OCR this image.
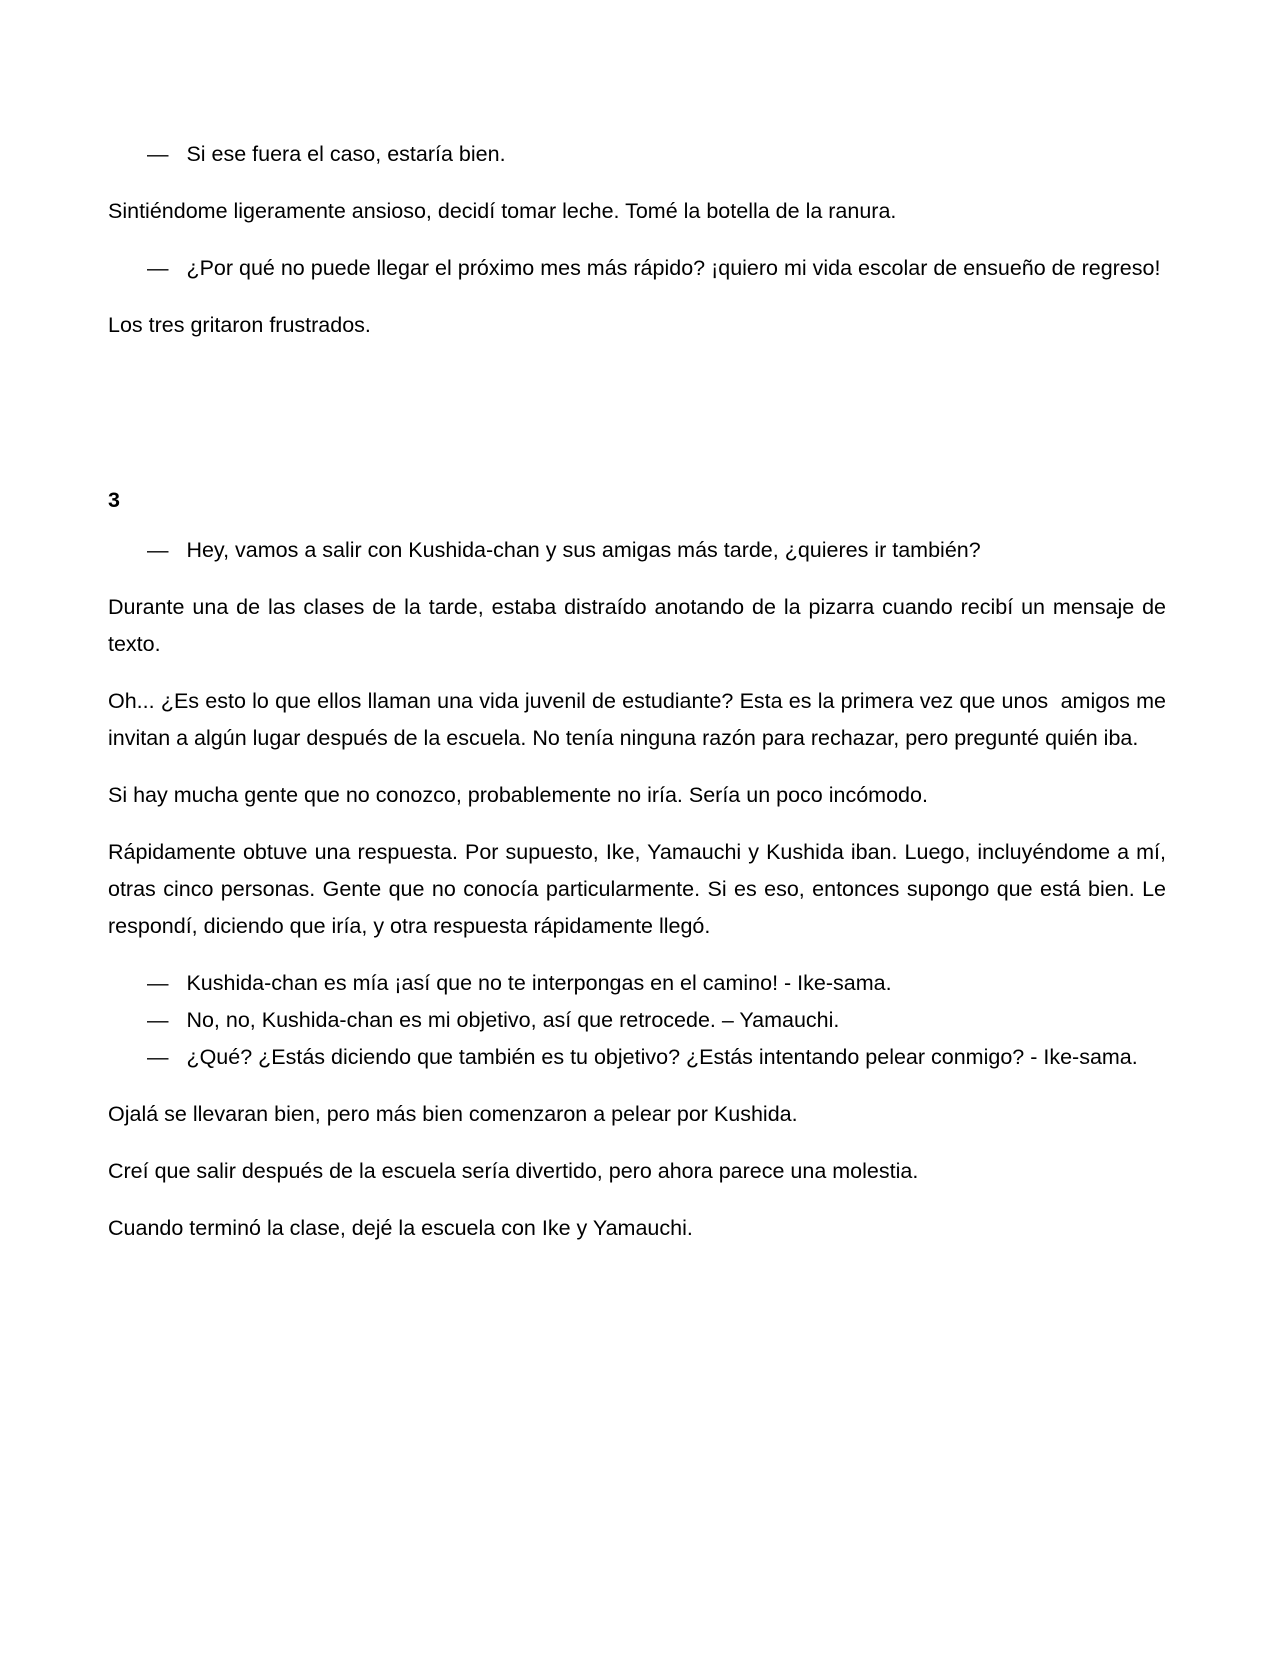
— Si ese fuera el caso, estaría bien.

Sintiéndome ligeramente ansioso, decidí tomar leche. Tomé la botella de la ranura.

— ¿Por qué no puede llegar el próximo mes más rápido? ¡quiero mi vida escolar de ensueño de regreso!

Los tres gritaron frustrados.

3

— Hey, vamos a salir con Kushida-chan y sus amigas más tarde, ¿quieres ir también?

Durante una de las clases de la tarde, estaba distraído anotando de la pizarra cuando recibí un mensaje de texto.

Oh... ¿Es esto lo que ellos llaman una vida juvenil de estudiante? Esta es la primera vez que unos  amigos me invitan a algún lugar después de la escuela. No tenía ninguna razón para rechazar, pero pregunté quién iba.

Si hay mucha gente que no conozco, probablemente no iría. Sería un poco incómodo.

Rápidamente obtuve una respuesta. Por supuesto, Ike, Yamauchi y Kushida iban. Luego, incluyéndome a mí, otras cinco personas. Gente que no conocía particularmente. Si es eso, entonces supongo que está bien. Le respondí, diciendo que iría, y otra respuesta rápidamente llegó.

— Kushida-chan es mía ¡así que no te interpongas en el camino! - Ike-sama.
— No, no, Kushida-chan es mi objetivo, así que retrocede. – Yamauchi.
— ¿Qué? ¿Estás diciendo que también es tu objetivo? ¿Estás intentando pelear conmigo? - Ike-sama.

Ojalá se llevaran bien, pero más bien comenzaron a pelear por Kushida.

Creí que salir después de la escuela sería divertido, pero ahora parece una molestia.

Cuando terminó la clase, dejé la escuela con Ike y Yamauchi.
